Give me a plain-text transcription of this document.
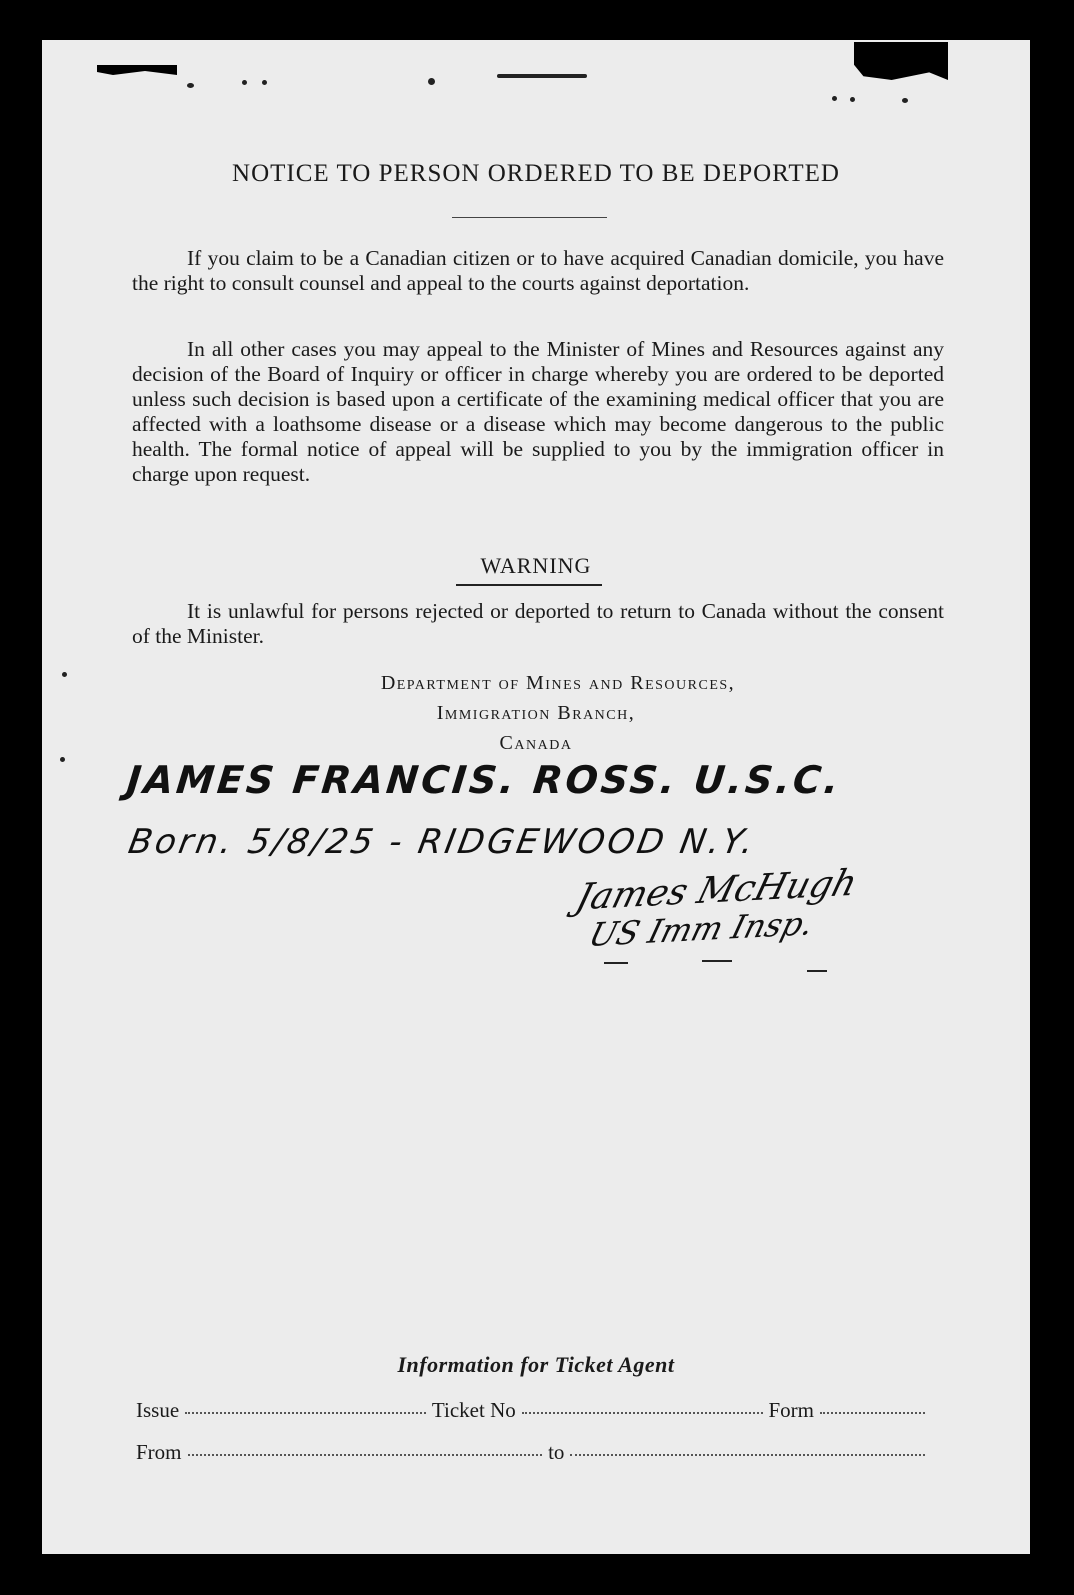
NOTICE TO PERSON ORDERED TO BE DEPORTED

If you claim to be a Canadian citizen or to have acquired Canadian domicile, you have the right to consult counsel and appeal to the courts against deportation.

In all other cases you may appeal to the Minister of Mines and Resources against any decision of the Board of Inquiry or officer in charge whereby you are ordered to be deported unless such decision is based upon a certificate of the examining medical officer that you are affected with a loathsome disease or a disease which may become dangerous to the public health. The formal notice of appeal will be supplied to you by the immigration officer in charge upon request.

WARNING

It is unlawful for persons rejected or deported to return to Canada without the consent of the Minister.

Department of Mines and Resources,
Immigration Branch,
Canada
JAMES FRANCIS. ROSS. U.S.C.
Born. 5/8/25 - RIDGEWOOD N.Y.
James McHugh
US Imm Insp.
Information for Ticket Agent
Issue	Ticket No	Form
From	to
